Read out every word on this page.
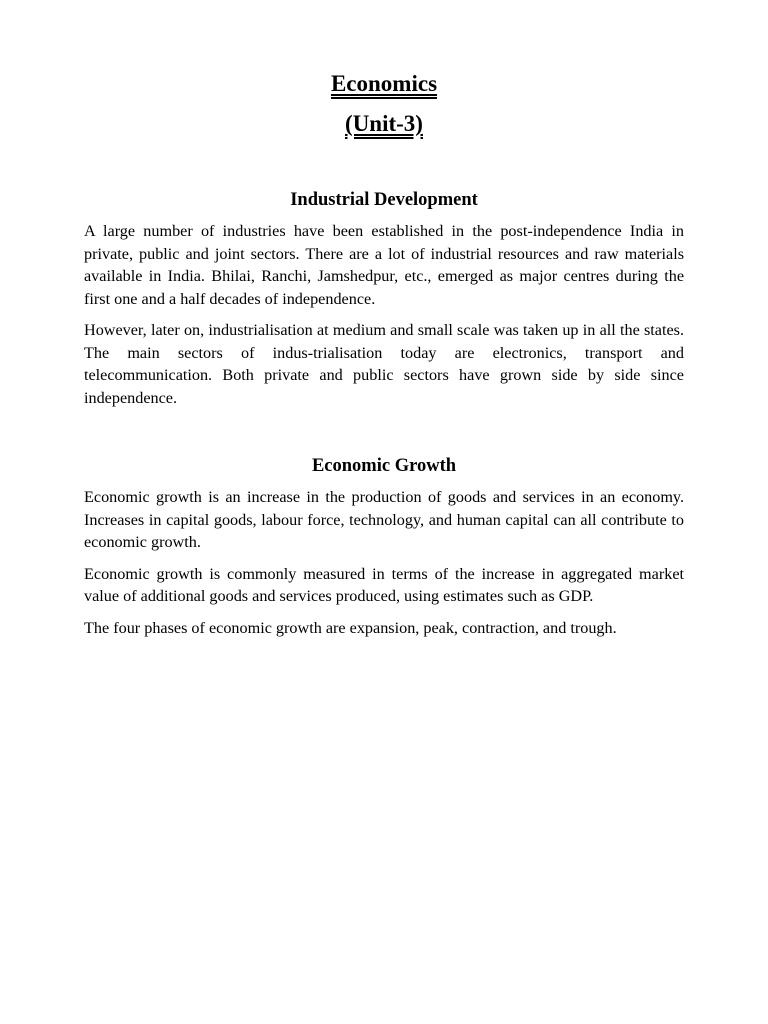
Economics
(Unit-3)
Industrial Development

A large number of industries have been established in the post-independence India in private, public and joint sectors. There are a lot of industrial resources and raw materials available in India. Bhilai, Ranchi, Jamshedpur, etc., emerged as major centres during the first one and a half decades of independence.

However, later on, industrialisation at medium and small scale was taken up in all the states. The main sectors of indus-trialisation today are electronics, transport and telecommunication. Both private and public sectors have grown side by side since independence.

Economic Growth

Economic growth is an increase in the production of goods and services in an economy. Increases in capital goods, labour force, technology, and human capital can all contribute to economic growth.

Economic growth is commonly measured in terms of the increase in aggregated market value of additional goods and services produced, using estimates such as GDP.

The four phases of economic growth are expansion, peak, contraction, and trough.
